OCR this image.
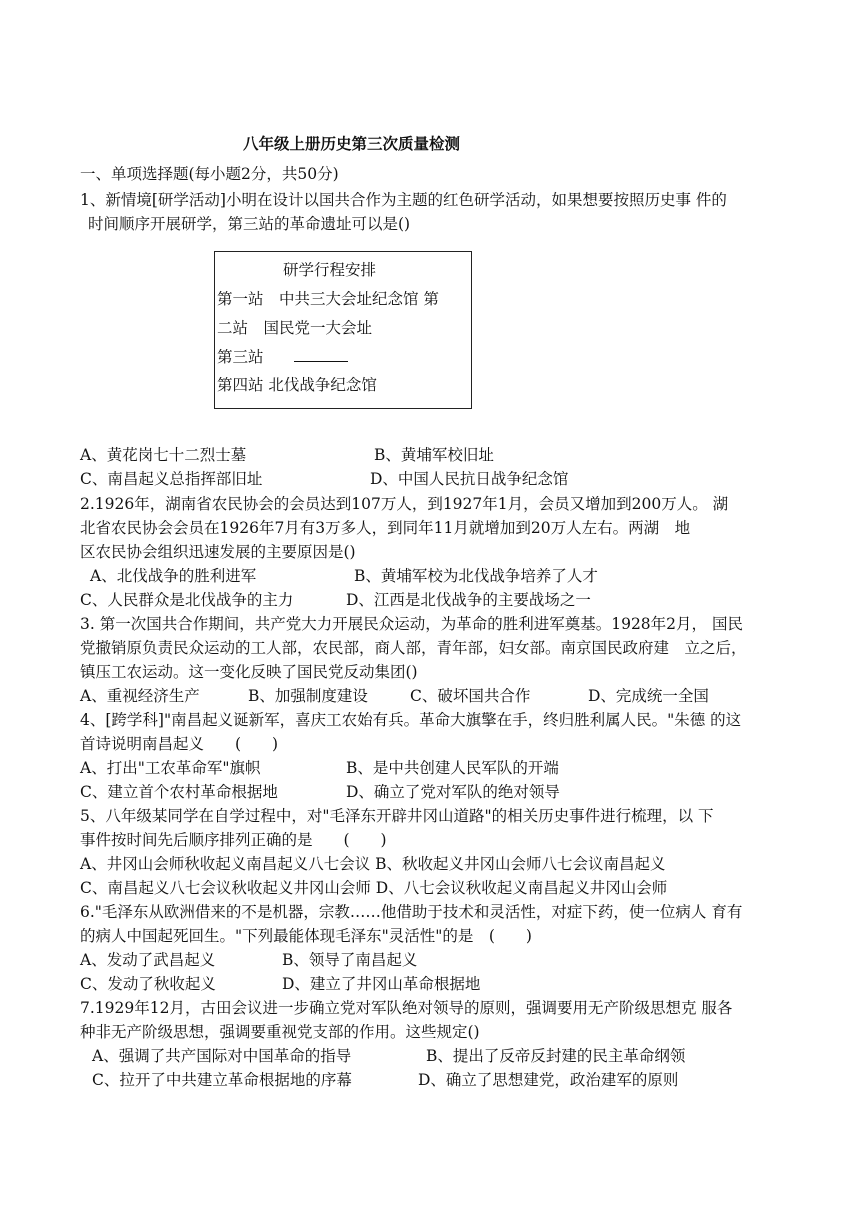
八年级上册历史第三次质量检测
一、单项选择题(每小题2分，共50分)
1、新情境[研学活动]小明在设计以国共合作为主题的红色研学活动，如果想要按照历史事 件的
时间顺序开展研学，第三站的革命遗址可以是()
研学行程安排
第一站　中共三大会址纪念馆 第
二站　国民党一大会址
第三站
第四站 北伐战争纪念馆
A、黄花岗七十二烈士墓	B、黄埔军校旧址
C、南昌起义总指挥部旧址	D、中国人民抗日战争纪念馆
2.1926年，湖南省农民协会的会员达到107万人，到1927年1月，会员又增加到200万人。 湖
北省农民协会会员在1926年7月有3万多人，到同年11月就增加到20万人左右。两湖　地
区农民协会组织迅速发展的主要原因是()
A、北伐战争的胜利进军	B、黄埔军校为北伐战争培养了人才
C、人民群众是北伐战争的主力	D、江西是北伐战争的主要战场之一
3. 第一次国共合作期间，共产党大力开展民众运动，为革命的胜利进军奠基。1928年2月， 国民
党撤销原负责民众运动的工人部，农民部，商人部，青年部，妇女部。南京国民政府建　立之后，
镇压工农运动。这一变化反映了国民党反动集团()
A、重视经济生产	B、加强制度建设	C、破坏国共合作	D、完成统一全国
4、[跨学科]"南昌起义诞新军，喜庆工农始有兵。革命大旗擎在手，终归胜利属人民。"朱德 的这
首诗说明南昌起义　　(　　)
A、打出"工农革命军"旗帜	B、是中共创建人民军队的开端
C、建立首个农村革命根据地	D、确立了党对军队的绝对领导
5、八年级某同学在自学过程中，对"毛泽东开辟井冈山道路"的相关历史事件进行梳理，以 下
事件按时间先后顺序排列正确的是　　(　　)
A、井冈山会师秋收起义南昌起义八七会议 B、秋收起义井冈山会师八七会议南昌起义
C、南昌起义八七会议秋收起义井冈山会师 D、八七会议秋收起义南昌起义井冈山会师
6."毛泽东从欧洲借来的不是机器，宗教……他借助于技术和灵活性，对症下药，使一位病人 育有
的病人中国起死回生。"下列最能体现毛泽东"灵活性"的是　(　　)
A、发动了武昌起义	B、领导了南昌起义
C、发动了秋收起义	D、建立了井冈山革命根据地
7.1929年12月，古田会议进一步确立党对军队绝对领导的原则，强调要用无产阶级思想克 服各
种非无产阶级思想，强调要重视党支部的作用。这些规定()
A、强调了共产国际对中国革命的指导	B、提出了反帝反封建的民主革命纲领
C、拉开了中共建立革命根据地的序幕	D、确立了思想建党，政治建军的原则
